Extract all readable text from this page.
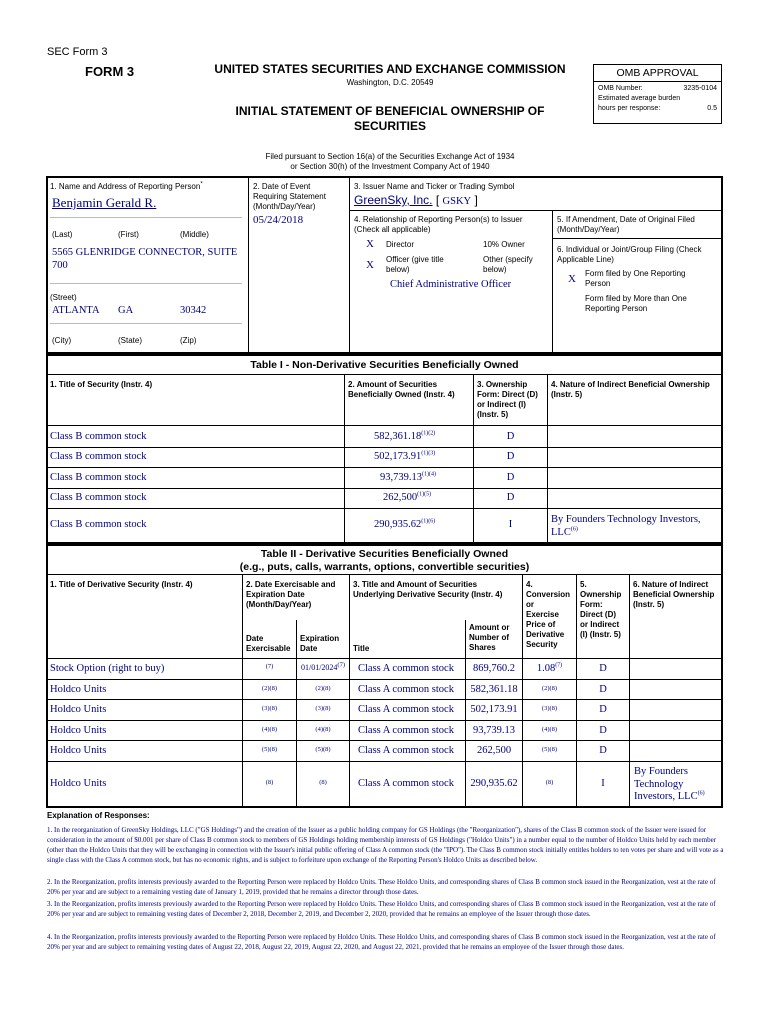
SEC Form 3
FORM 3	UNITED STATES SECURITIES AND EXCHANGE COMMISSION
Washington, D.C. 20549
INITIAL STATEMENT OF BENEFICIAL OWNERSHIP OF
SECURITIES
OMB APPROVAL
OMB Number:	3235-0104
Estimated average burden
hours per response:	0.5
Filed pursuant to Section 16(a) of the Securities Exchange Act of 1934
or Section 30(h) of the Investment Company Act of 1940
1. Name and Address of Reporting Person*
Benjamin Gerald R.
(Last)	(First)	(Middle)
5565 GLENRIDGE CONNECTOR, SUITE
700
(Street)
ATLANTA GA	30342
(City)	(State)	(Zip)
2. Date of Event
Requiring Statement
(Month/Day/Year)
05/24/2018
3. Issuer Name and Ticker or Trading Symbol
GreenSky, Inc. [ GSKY ]
4. Relationship of Reporting Person(s) to Issuer
(Check all applicable)
X Director	10% Owner
X Officer (give title
below)
Other (specify
below)
Chief Administrative Officer
5. If Amendment, Date of Original Filed
(Month/Day/Year)
6. Individual or Joint/Group Filing (Check
Applicable Line)
X Form filed by One Reporting
Person
Form filed by More than One
Reporting Person
Table I - Non-Derivative Securities Beneficially Owned
1. Title of Security (Instr. 4)	2. Amount of Securities
Beneficially Owned (Instr. 4)
3. Ownership
Form: Direct (D)
or Indirect (I)
(Instr. 5)
4. Nature of Indirect Beneficial Ownership
(Instr. 5)
Class B common stock	$582,361.18^{(1)(2)}$	D
Class B common stock	$502,173.91^{(1)(3)}$	D
Class B common stock	$93,739.13^{(1)(4)}$	D
Class B common stock	$262,500^{(1)(5)}$	D
Class B common stock	$290,935.62^{(1)(6)}$	I	By Founders Technology Investors,
LLC$^{(6)}$
Table II - Derivative Securities Beneficially Owned
(e.g., puts, calls, warrants, options, convertible securities)
1. Title of Derivative Security (Instr. 4)	2. Date Exercisable and
Expiration Date
(Month/Day/Year)
Date
Exercisable
Expiration
Date
3. Title and Amount of Securities
Underlying Derivative Security (Instr. 4)
Title
Amount or
Number of
Shares
4.
Conversion
or
Exercise
Price of
Derivative
Security
5.
Ownership
Form:
Direct (D)
or Indirect
(I) (Instr. 5)
6. Nature of Indirect
Beneficial Ownership
(Instr. 5)
Stock Option (right to buy)	(7)	01/01/2024$^{(7)}$	Class A common stock	869,760.2	1.08$^{(7)}$	D
Holdco Units	(2)(8)	(2)(8)	Class A common stock	582,361.18	(2)(8)	D
Holdco Units	(3)(8)	(3)(8)	Class A common stock	502,173.91	(3)(8)	D
Holdco Units	(4)(8)	(4)(8)	Class A common stock	93,739.13	(4)(8)	D
Holdco Units	(5)(8)	(5)(8)	Class A common stock	262,500	(5)(8)	D
Holdco Units	(8)	(8)	Class A common stock	290,935.62	(8)	I
By Founders
Technology
Investors, LLC$^{(6)}$
Explanation of Responses:
1. In the reorganization of GreenSky Holdings, LLC ("GS Holdings") and the creation of the Issuer as a public holding company for GS Holdings (the "Reorganization"), shares of the Class B common stock of the Issuer were issued for consideration in the amount of $0.001 per share of Class B common stock to members of GS Holdings holding membership interests of GS Holdings ("Holdco Units") in a number equal to the number of Holdco Units held by each member (other than the Holdco Units that they will be exchanging in connection with the Issuer's initial public offering of Class A common stock (the "IPO"). The Class B common stock initially entitles holders to ten votes per share and will vote as a single class with the Class A common stock, but has no economic rights, and is subject to forfeiture upon exchange of the Reporting Person's Holdco Units as described below.
2. In the Reorganization, profits interests previously awarded to the Reporting Person were replaced by Holdco Units. These Holdco Units, and corresponding shares of Class B common stock issued in the Reorganization, vest at the rate of 20% per year and are subject to a remaining vesting date of January 1, 2019, provided that he remains a director through those dates.
3. In the Reorganization, profits interests previously awarded to the Reporting Person were replaced by Holdco Units. These Holdco Units, and corresponding shares of Class B common stock issued in the Reorganization, vest at the rate of 20% per year and are subject to remaining vesting dates of December 2, 2018, December 2, 2019, and December 2, 2020, provided that he remains an employee of the Issuer through those dates.
4. In the Reorganization, profits interests previously awarded to the Reporting Person were replaced by Holdco Units. These Holdco Units, and corresponding shares of Class B common stock issued in the Reorganization, vest at the rate of 20% per year and are subject to remaining vesting dates of August 22, 2018, August 22, 2019, August 22, 2020, and August 22, 2021, provided that he remains an employee of the Issuer through those dates.
